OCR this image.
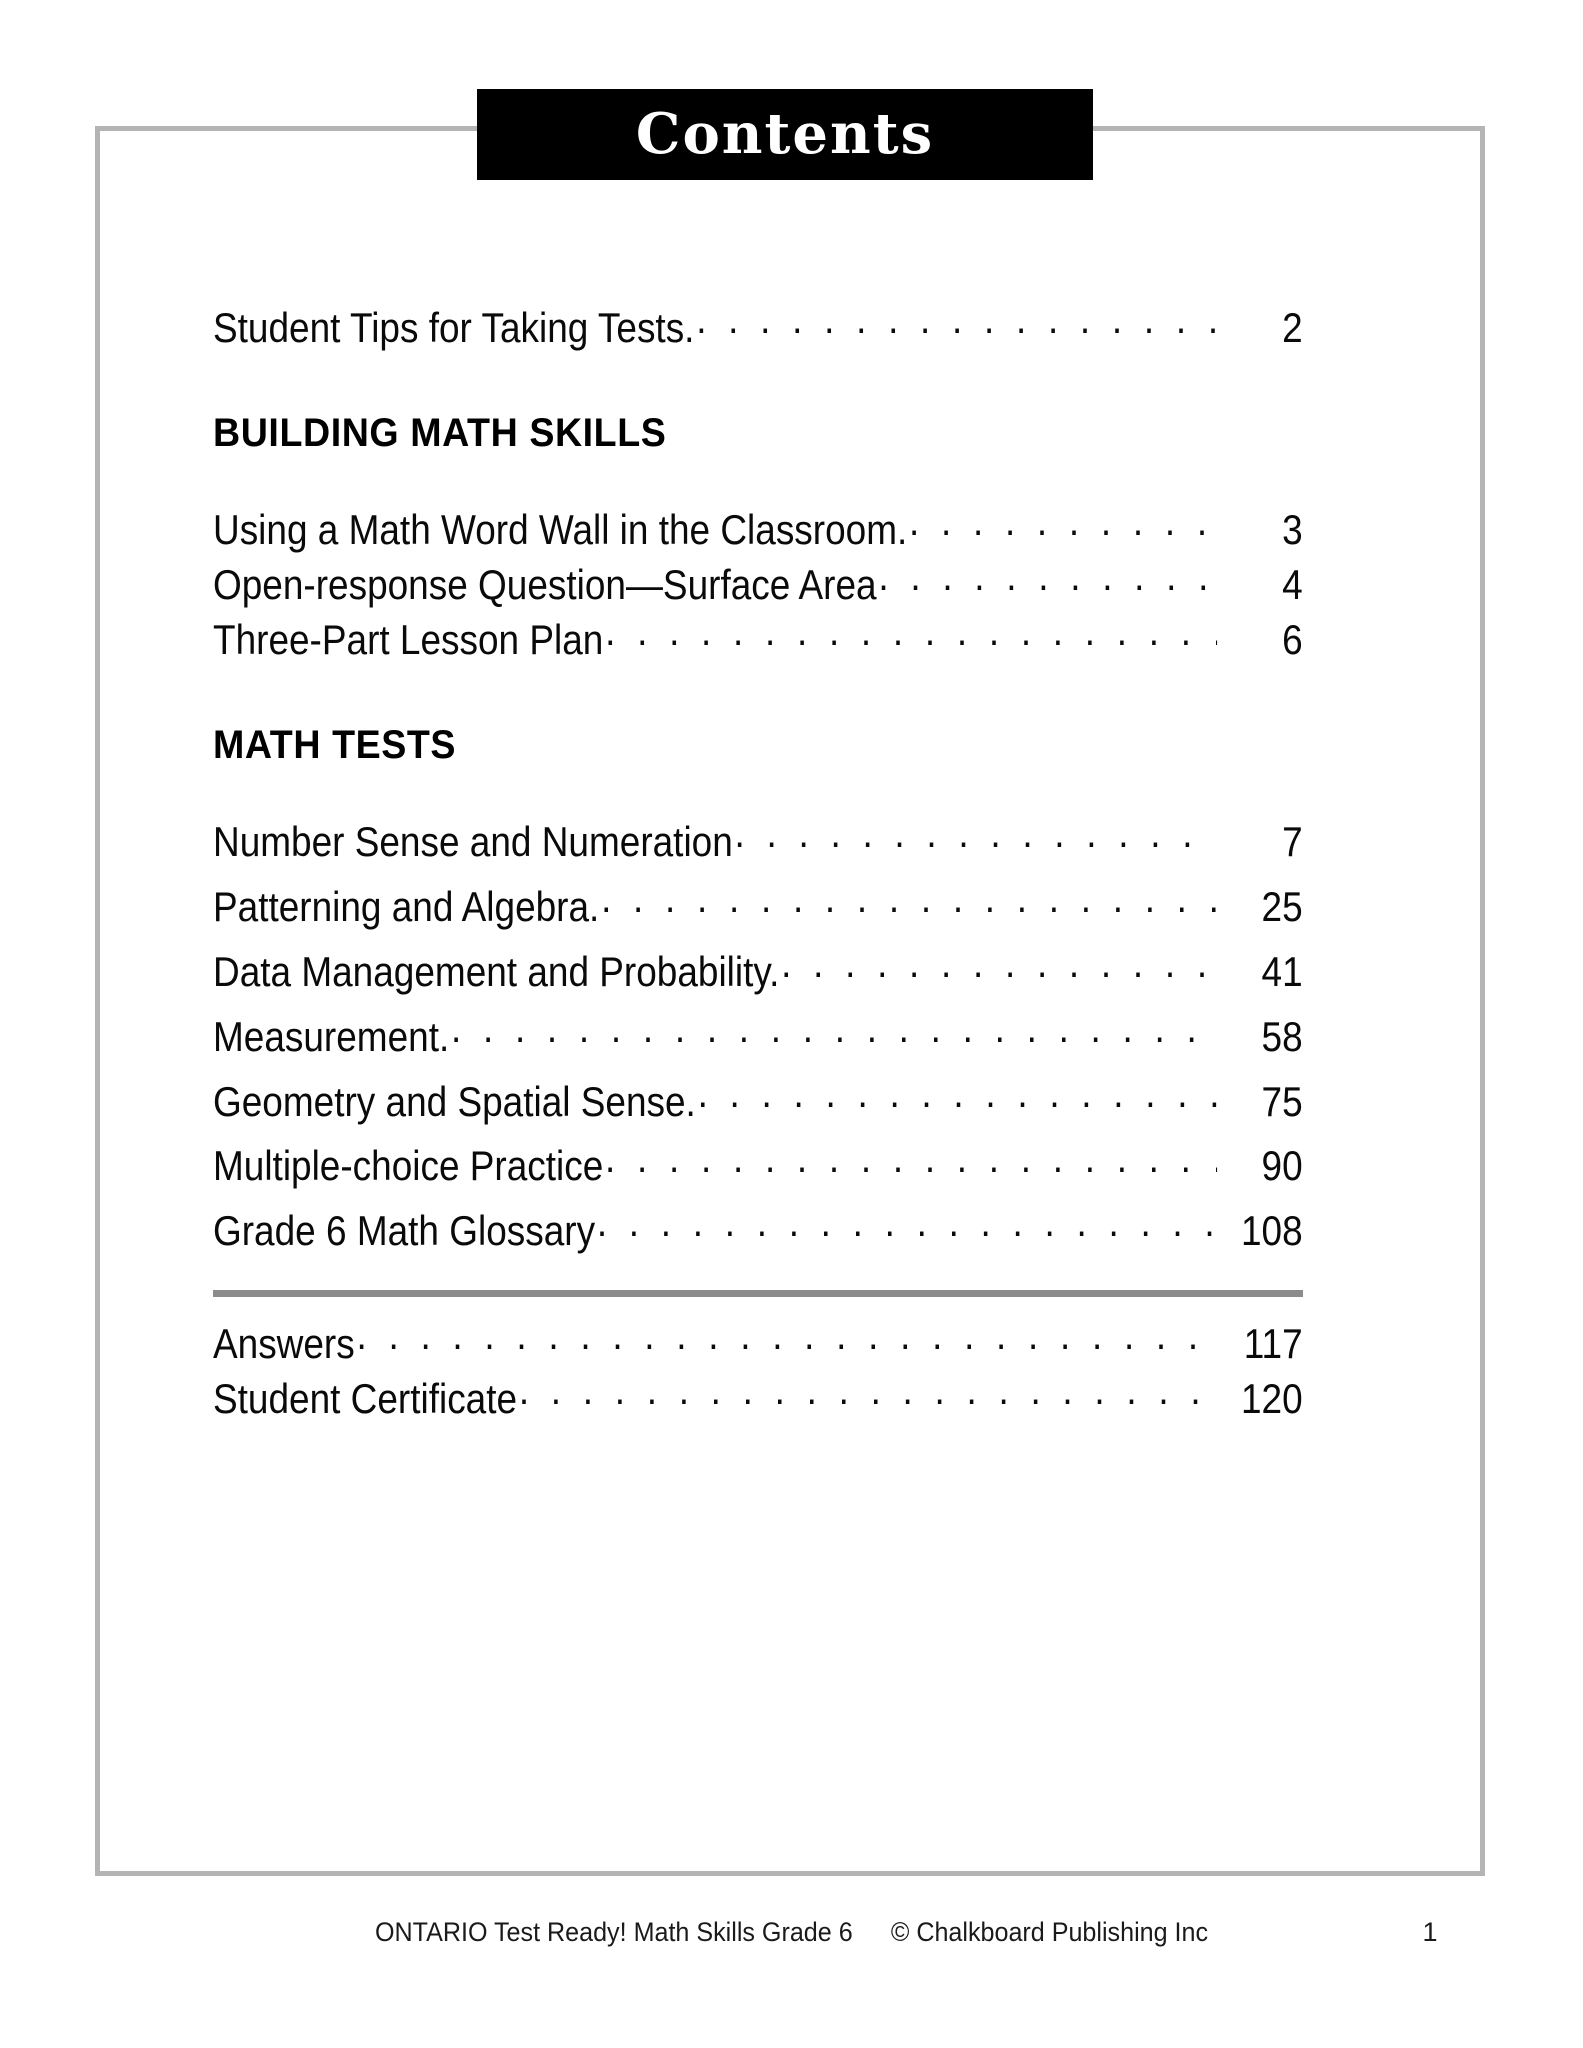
Contents
Student Tips for Taking Tests. . . .	2
BUILDING MATH SKILLS
Using a Math Word Wall in the Classroom. . . .	3
Open-response Question—Surface Area . . .	4
Three-Part Lesson Plan . . .	6
MATH TESTS
Number Sense and Numeration . . .	7
Patterning and Algebra. . . .	25
Data Management and Probability. . . .	41
Measurement. . . .	58
Geometry and Spatial Sense. . . .	75
Multiple-choice Practice . . .	90
Grade 6 Math Glossary . . .	108
Answers . . .	117
Student Certificate . . .	120
ONTARIO Test Ready! Math Skills Grade 6 © Chalkboard Publishing Inc	1
